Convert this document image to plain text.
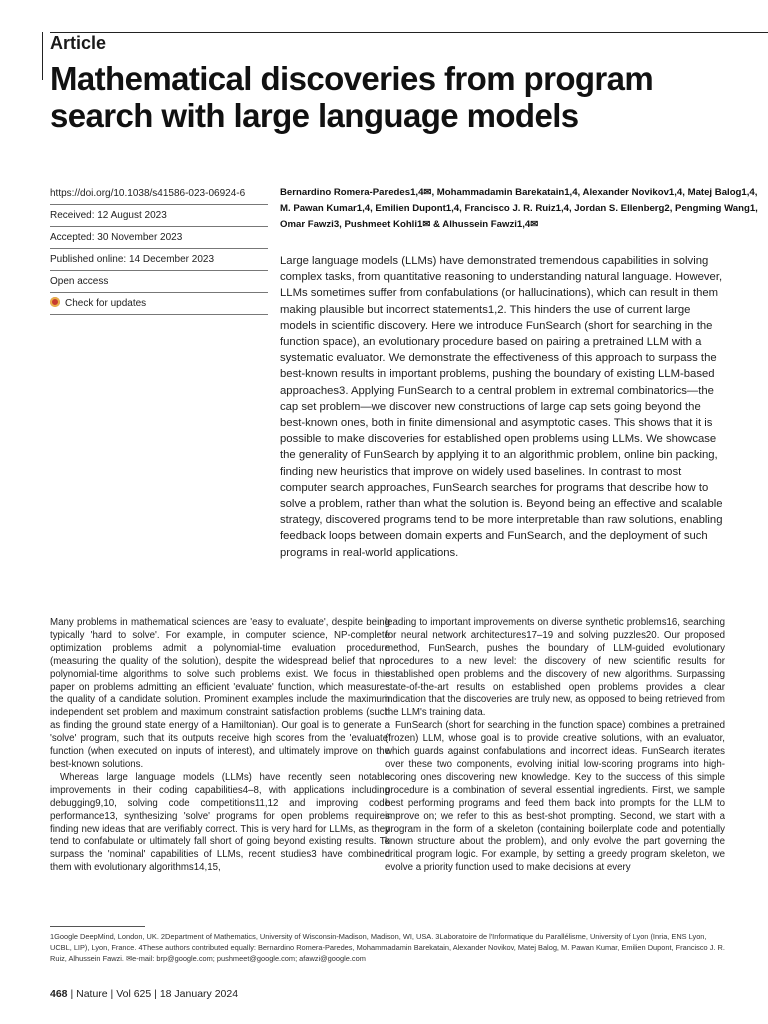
Article
Mathematical discoveries from program search with large language models
https://doi.org/10.1038/s41586-023-06924-6
Received: 12 August 2023
Accepted: 30 November 2023
Published online: 14 December 2023
Open access
Check for updates
Bernardino Romera-Paredes1,4✉, Mohammadamin Barekatain1,4, Alexander Novikov1,4, Matej Balog1,4, M. Pawan Kumar1,4, Emilien Dupont1,4, Francisco J. R. Ruiz1,4, Jordan S. Ellenberg2, Pengming Wang1, Omar Fawzi3, Pushmeet Kohli1✉ & Alhussein Fawzi1,4✉
Large language models (LLMs) have demonstrated tremendous capabilities in solving complex tasks, from quantitative reasoning to understanding natural language. However, LLMs sometimes suffer from confabulations (or hallucinations), which can result in them making plausible but incorrect statements1,2. This hinders the use of current large models in scientific discovery. Here we introduce FunSearch (short for searching in the function space), an evolutionary procedure based on pairing a pretrained LLM with a systematic evaluator. We demonstrate the effectiveness of this approach to surpass the best-known results in important problems, pushing the boundary of existing LLM-based approaches3. Applying FunSearch to a central problem in extremal combinatorics—the cap set problem—we discover new constructions of large cap sets going beyond the best-known ones, both in finite dimensional and asymptotic cases. This shows that it is possible to make discoveries for established open problems using LLMs. We showcase the generality of FunSearch by applying it to an algorithmic problem, online bin packing, finding new heuristics that improve on widely used baselines. In contrast to most computer search approaches, FunSearch searches for programs that describe how to solve a problem, rather than what the solution is. Beyond being an effective and scalable strategy, discovered programs tend to be more interpretable than raw solutions, enabling feedback loops between domain experts and FunSearch, and the deployment of such programs in real-world applications.

Many problems in mathematical sciences are 'easy to evaluate', despite being typically 'hard to solve'. For example, in computer science, NP-complete optimization problems admit a polynomial-time evaluation procedure (measuring the quality of the solution), despite the widespread belief that no polynomial-time algorithms to solve such problems exist. We focus in this paper on problems admitting an efficient 'evaluate' function, which measures the quality of a candidate solution. Prominent examples include the maximum independent set problem and maximum constraint satisfaction problems (such as finding the ground state energy of a Hamiltonian). Our goal is to generate a 'solve' program, such that its outputs receive high scores from the 'evaluate' function (when executed on inputs of interest), and ultimately improve on the best-known solutions.

Whereas large language models (LLMs) have recently seen notable improvements in their coding capabilities4–8, with applications including debugging9,10, solving code competitions11,12 and improving code performance13, synthesizing 'solve' programs for open problems requires finding new ideas that are verifiably correct. This is very hard for LLMs, as they tend to confabulate or ultimately fall short of going beyond existing results. To surpass the 'nominal' capabilities of LLMs, recent studies3 have combined them with evolutionary algorithms14,15,

leading to important improvements on diverse synthetic problems16, searching for neural network architectures17–19 and solving puzzles20. Our proposed method, FunSearch, pushes the boundary of LLM-guided evolutionary procedures to a new level: the discovery of new scientific results for established open problems and the discovery of new algorithms. Surpassing state-of-the-art results on established open problems provides a clear indication that the discoveries are truly new, as opposed to being retrieved from the LLM's training data.

FunSearch (short for searching in the function space) combines a pretrained (frozen) LLM, whose goal is to provide creative solutions, with an evaluator, which guards against confabulations and incorrect ideas. FunSearch iterates over these two components, evolving initial low-scoring programs into high-scoring ones discovering new knowledge. Key to the success of this simple procedure is a combination of several essential ingredients. First, we sample best performing programs and feed them back into prompts for the LLM to improve on; we refer to this as best-shot prompting. Second, we start with a program in the form of a skeleton (containing boilerplate code and potentially known structure about the problem), and only evolve the part governing the critical program logic. For example, by setting a greedy program skeleton, we evolve a priority function used to make decisions at every

1Google DeepMind, London, UK. 2Department of Mathematics, University of Wisconsin-Madison, Madison, WI, USA. 3Laboratoire de l'Informatique du Parallélisme, University of Lyon (Inria, ENS Lyon, UCBL, LIP), Lyon, France. 4These authors contributed equally: Bernardino Romera-Paredes, Mohammadamin Barekatain, Alexander Novikov, Matej Balog, M. Pawan Kumar, Emilien Dupont, Francisco J. R. Ruiz, Alhussein Fawzi. ✉e-mail: brp@google.com; pushmeet@google.com; afawzi@google.com
468 | Nature | Vol 625 | 18 January 2024
